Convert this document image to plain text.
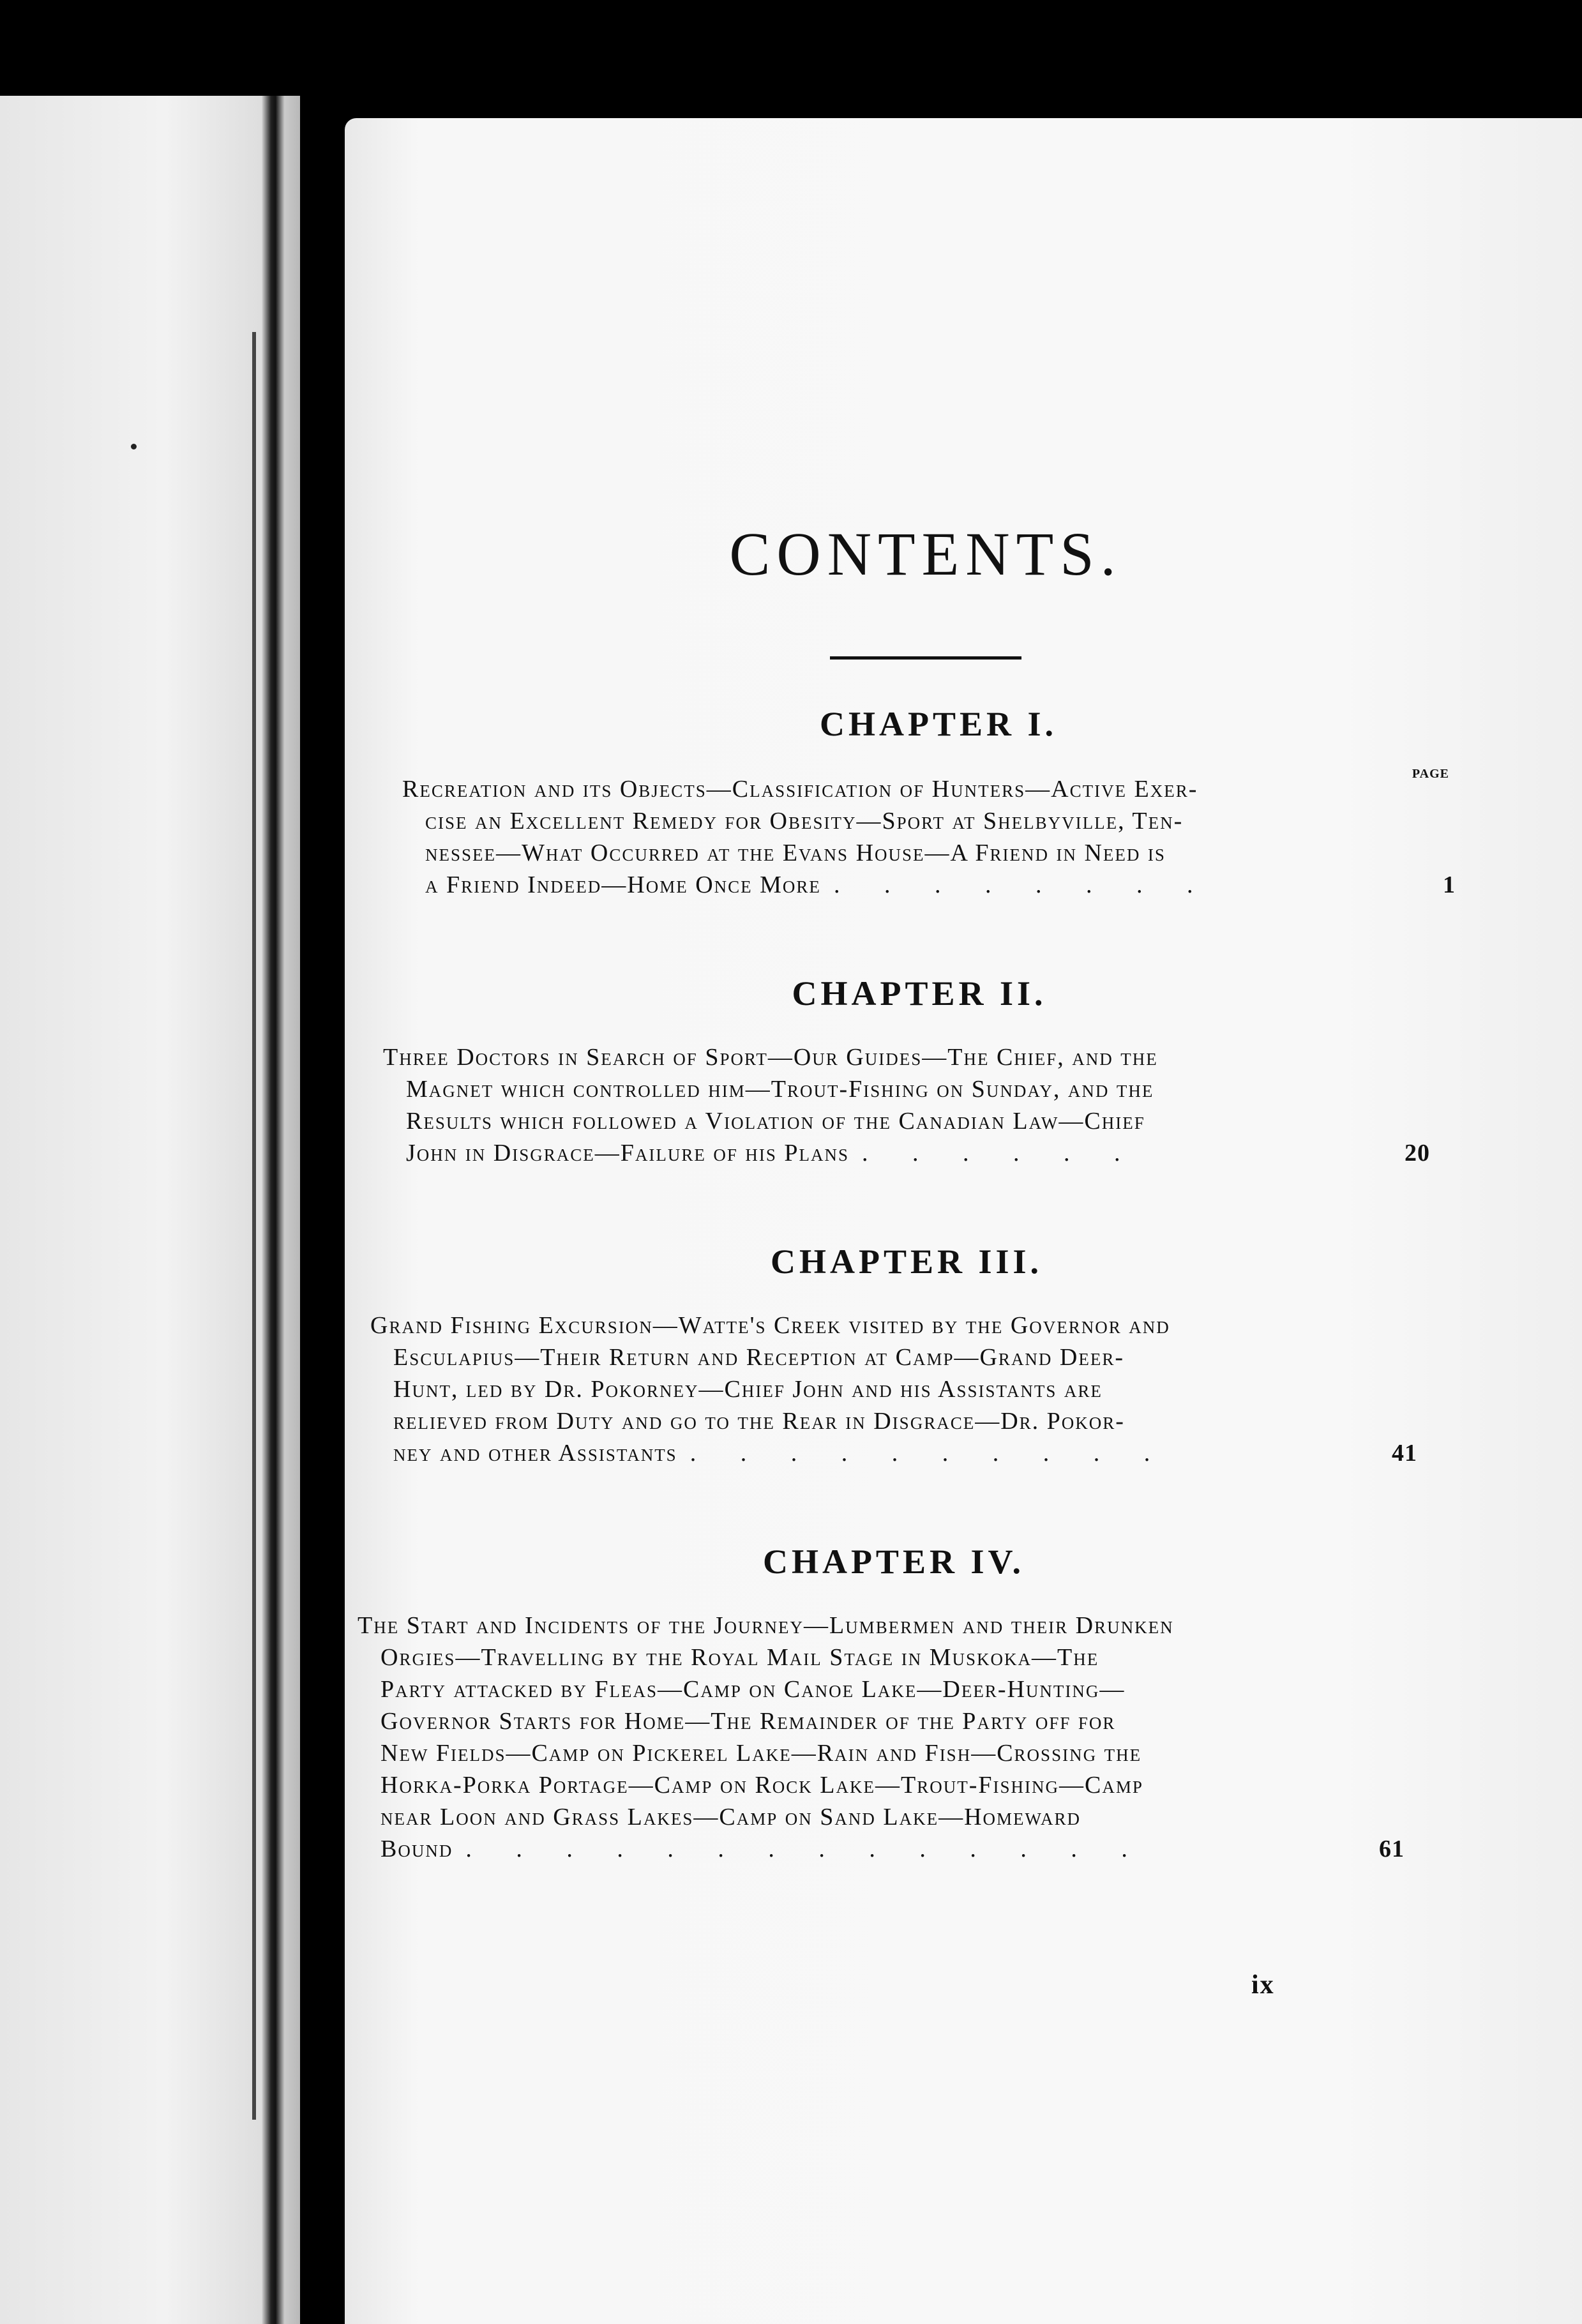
CONTENTS.
CHAPTER I.
PAGE
Recreation and its Objects—Classification of Hunters—Active Exer-
cise an Excellent Remedy for Obesity—Sport at Shelbyville, Ten-
nessee—What Occurred at the Evans House—A Friend in Need is
a Friend Indeed—Home Once More . . . . . . . .	1
CHAPTER II.
Three Doctors in Search of Sport—Our Guides—The Chief, and the
Magnet which controlled him—Trout-Fishing on Sunday, and the
Results which followed a Violation of the Canadian Law—Chief
John in Disgrace—Failure of his Plans . . . . . .	20
CHAPTER III.
Grand Fishing Excursion—Watte's Creek visited by the Governor and
Esculapius—Their Return and Reception at Camp—Grand Deer-
Hunt, led by Dr. Pokorney—Chief John and his Assistants are
relieved from Duty and go to the Rear in Disgrace—Dr. Pokor-
ney and other Assistants . . . . . . . . . .	41
CHAPTER IV.
The Start and Incidents of the Journey—Lumbermen and their Drunken
Orgies—Travelling by the Royal Mail Stage in Muskoka—The
Party attacked by Fleas—Camp on Canoe Lake—Deer-Hunting—
Governor Starts for Home—The Remainder of the Party off for
New Fields—Camp on Pickerel Lake—Rain and Fish—Crossing the
Horka-Porka Portage—Camp on Rock Lake—Trout-Fishing—Camp
near Loon and Grass Lakes—Camp on Sand Lake—Homeward
Bound . . . . . . . . . . . . . .	61
ix
